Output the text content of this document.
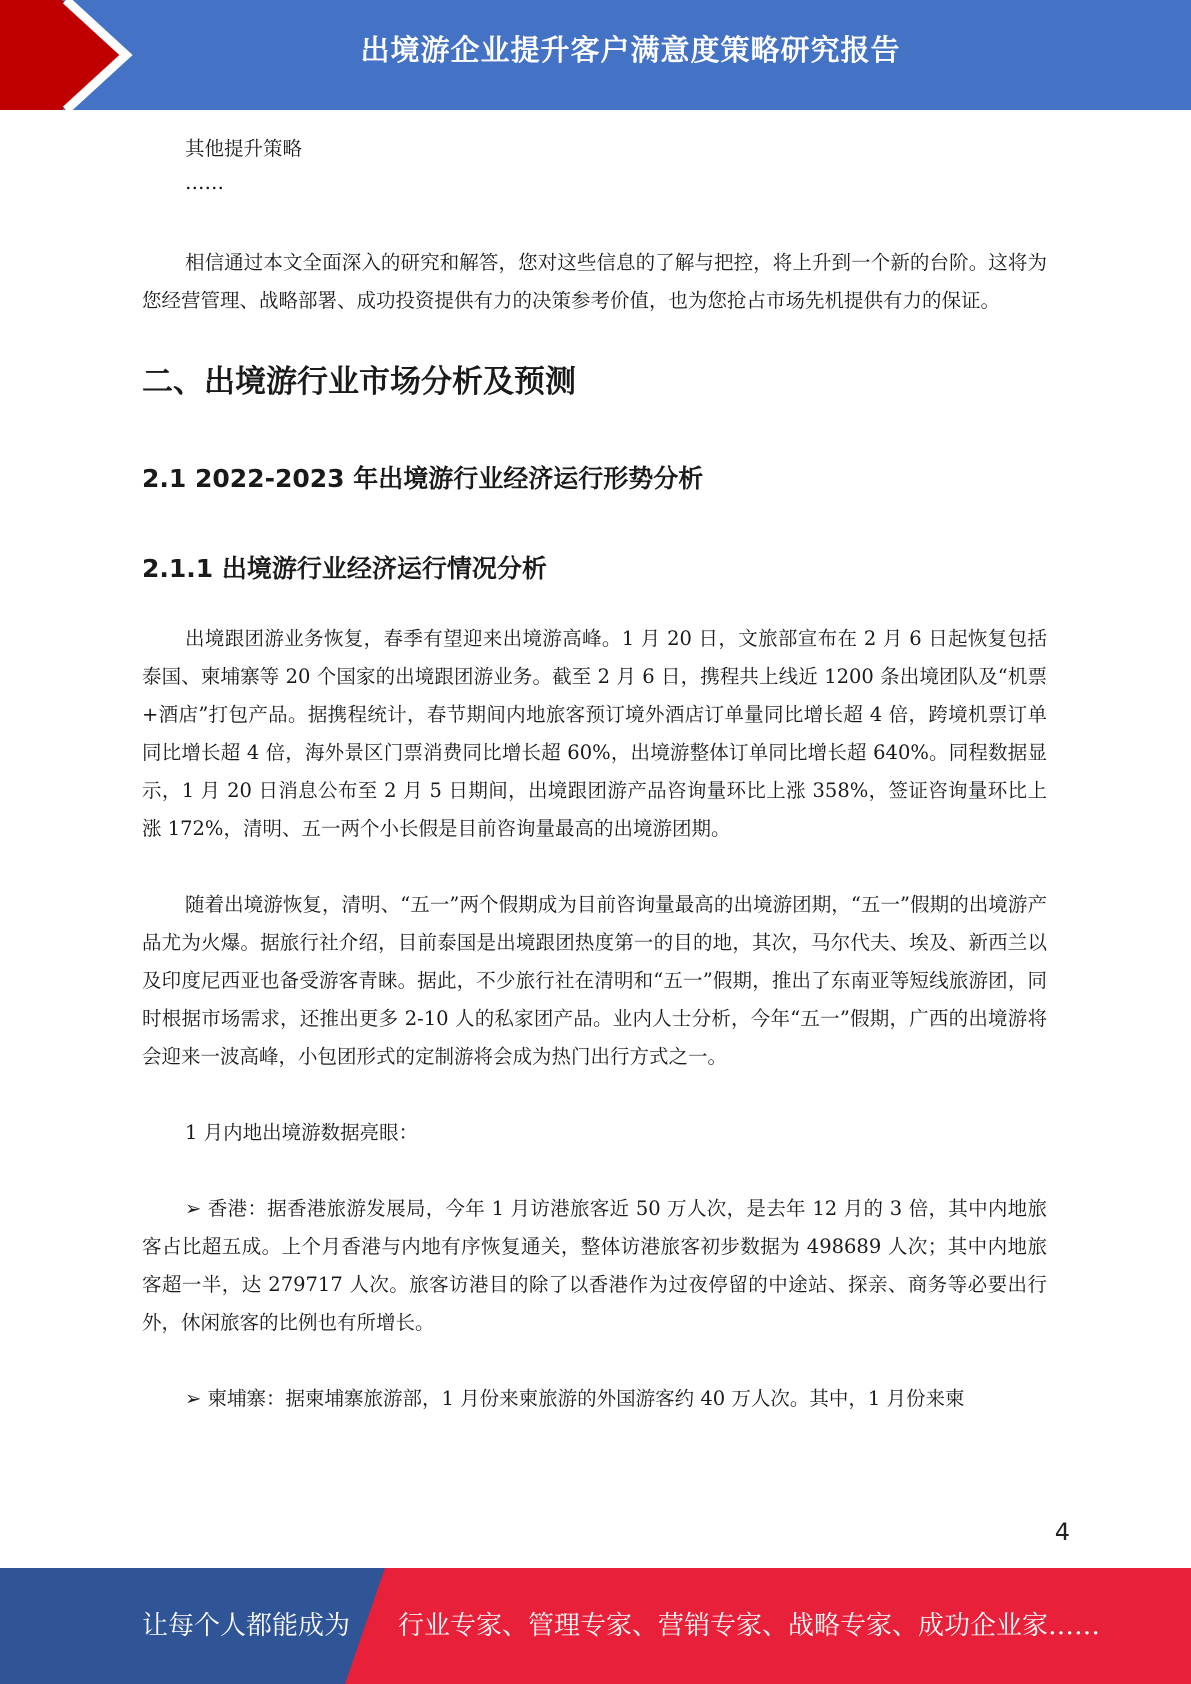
出境游企业提升客户满意度策略研究报告

其他提升策略

……

相信通过本文全面深入的研究和解答，您对这些信息的了解与把控，将上升到一个新的台阶。这将为您经营管理、战略部署、成功投资提供有力的决策参考价值，也为您抢占市场先机提供有力的保证。

二、出境游行业市场分析及预测
2.1 2022-2023 年出境游行业经济运行形势分析
2.1.1 出境游行业经济运行情况分析

出境跟团游业务恢复，春季有望迎来出境游高峰。1 月 20 日，文旅部宣布在 2 月 6 日起恢复包括泰国、柬埔寨等 20 个国家的出境跟团游业务。截至 2 月 6 日，携程共上线近 1200 条出境团队及“机票+酒店”打包产品。据携程统计，春节期间内地旅客预订境外酒店订单量同比增长超 4 倍，跨境机票订单同比增长超 4 倍，海外景区门票消费同比增长超 60%，出境游整体订单同比增长超 640%。同程数据显示，1 月 20 日消息公布至 2 月 5 日期间，出境跟团游产品咨询量环比上涨 358%，签证咨询量环比上涨 172%，清明、五一两个小长假是目前咨询量最高的出境游团期。

随着出境游恢复，清明、“五一”两个假期成为目前咨询量最高的出境游团期，“五一”假期的出境游产品尤为火爆。据旅行社介绍，目前泰国是出境跟团热度第一的目的地，其次，马尔代夫、埃及、新西兰以及印度尼西亚也备受游客青睐。据此，不少旅行社在清明和“五一”假期，推出了东南亚等短线旅游团，同时根据市场需求，还推出更多 2-10 人的私家团产品。业内人士分析，今年“五一”假期，广西的出境游将会迎来一波高峰，小包团形式的定制游将会成为热门出行方式之一。

1 月内地出境游数据亮眼：

➢ 香港：据香港旅游发展局，今年 1 月访港旅客近 50 万人次，是去年 12 月的 3 倍，其中内地旅客占比超五成。上个月香港与内地有序恢复通关，整体访港旅客初步数据为 498689 人次；其中内地旅客超一半，达 279717 人次。旅客访港目的除了以香港作为过夜停留的中途站、探亲、商务等必要出行外，休闲旅客的比例也有所增长。

➢ 柬埔寨：据柬埔寨旅游部，1 月份来柬旅游的外国游客约 40 万人次。其中，1 月份来柬

4
让每个人都能成为 行业专家、管理专家、营销专家、战略专家、成功企业家……
